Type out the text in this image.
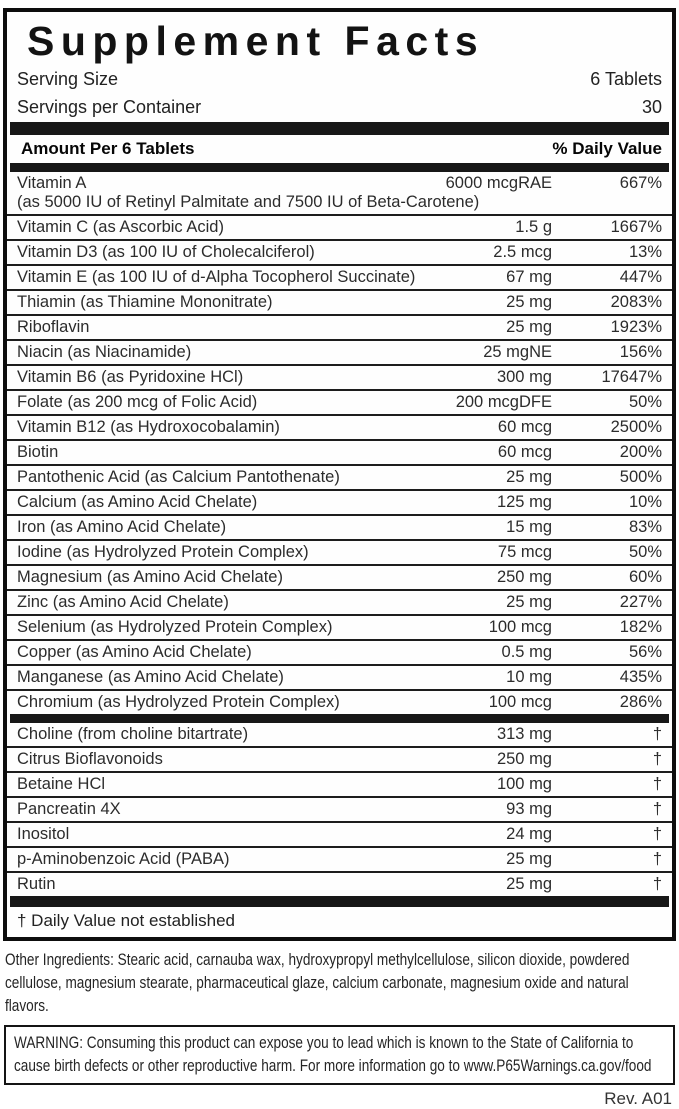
Supplement Facts
Serving Size	6 Tablets
Servings per Container	30
Amount Per 6 Tablets	% Daily Value
Vitamin A	6000 mcgRAE	667%
(as 5000 IU of Retinyl Palmitate and 7500 IU of Beta-Carotene)
Vitamin C (as Ascorbic Acid)	1.5 g	1667%
Vitamin D3 (as 100 IU of Cholecalciferol)	2.5 mcg	13%
Vitamin E (as 100 IU of d-Alpha Tocopherol Succinate)	67 mg	447%
Thiamin (as Thiamine Mononitrate)	25 mg	2083%
Riboflavin	25 mg	1923%
Niacin (as Niacinamide)	25 mgNE	156%
Vitamin B6 (as Pyridoxine HCl)	300 mg	17647%
Folate (as 200 mcg of Folic Acid)	200 mcgDFE	50%
Vitamin B12 (as Hydroxocobalamin)	60 mcg	2500%
Biotin	60 mcg	200%
Pantothenic Acid (as Calcium Pantothenate)	25 mg	500%
Calcium (as Amino Acid Chelate)	125 mg	10%
Iron (as Amino Acid Chelate)	15 mg	83%
Iodine (as Hydrolyzed Protein Complex)	75 mcg	50%
Magnesium (as Amino Acid Chelate)	250 mg	60%
Zinc (as Amino Acid Chelate)	25 mg	227%
Selenium (as Hydrolyzed Protein Complex)	100 mcg	182%
Copper (as Amino Acid Chelate)	0.5 mg	56%
Manganese (as Amino Acid Chelate)	10 mg	435%
Chromium (as Hydrolyzed Protein Complex)	100 mcg	286%
Choline (from choline bitartrate)	313 mg	†
Citrus Bioflavonoids	250 mg	†
Betaine HCl	100 mg	†
Pancreatin 4X	93 mg	†
Inositol	24 mg	†
p-Aminobenzoic Acid (PABA)	25 mg	†
Rutin	25 mg	†
† Daily Value not established
Other Ingredients: Stearic acid, carnauba wax, hydroxypropyl methylcellulose, silicon dioxide, powdered cellulose, magnesium stearate, pharmaceutical glaze, calcium carbonate, magnesium oxide and natural flavors.
WARNING: Consuming this product can expose you to lead which is known to the State of California to cause birth defects or other reproductive harm. For more information go to www.P65Warnings.ca.gov/food
Rev. A01
